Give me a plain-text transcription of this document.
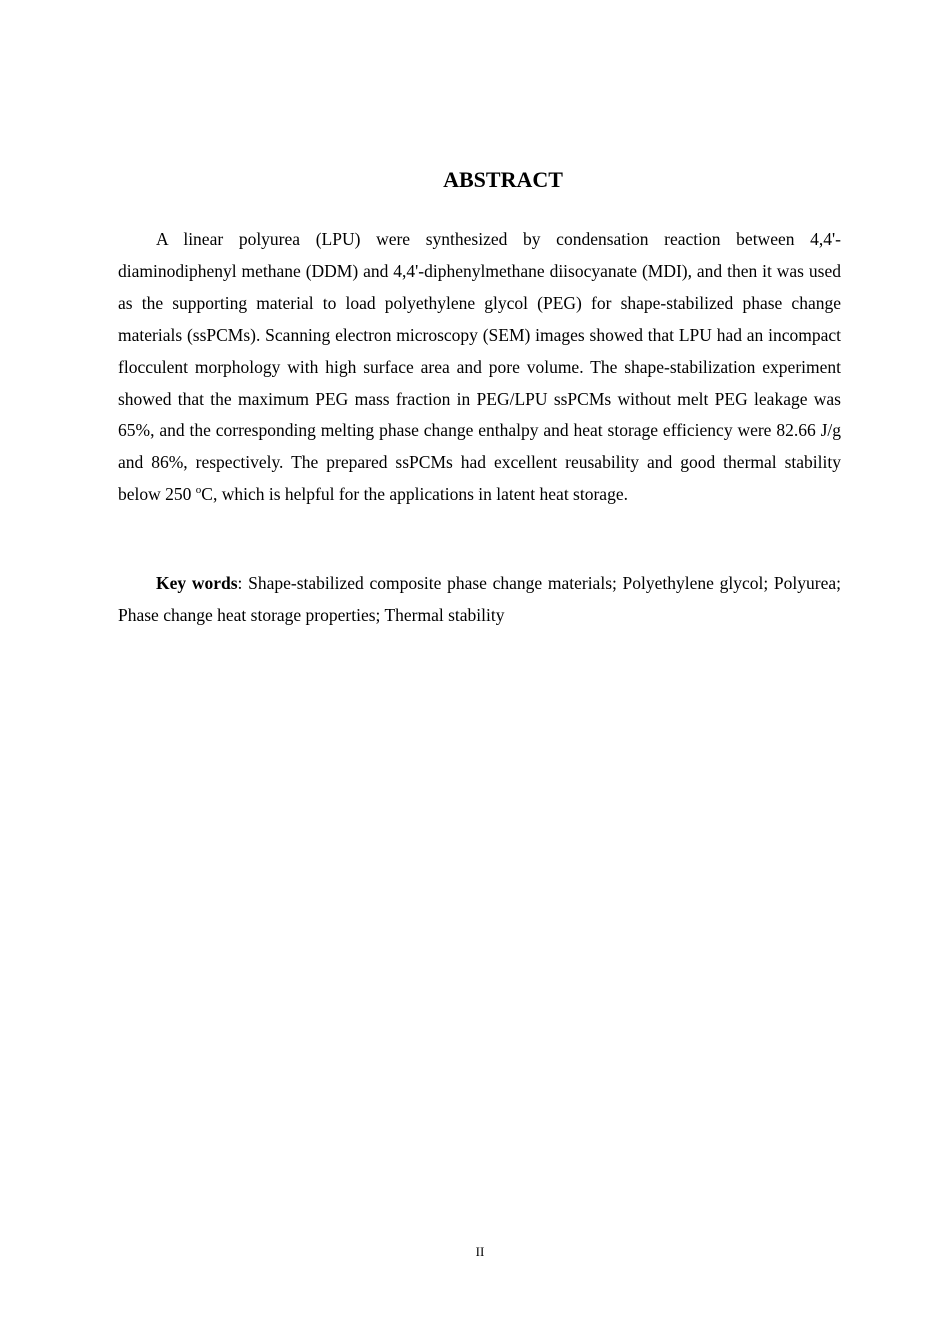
ABSTRACT

A linear polyurea (LPU) were synthesized by condensation reaction between 4,4'-diaminodiphenyl methane (DDM) and 4,4'-diphenylmethane diisocyanate (MDI), and then it was used as the supporting material to load polyethylene glycol (PEG) for shape-stabilized phase change materials (ssPCMs). Scanning electron microscopy (SEM) images showed that LPU had an incompact flocculent morphology with high surface area and pore volume. The shape-stabilization experiment showed that the maximum PEG mass fraction in PEG/LPU ssPCMs without melt PEG leakage was 65%, and the corresponding melting phase change enthalpy and heat storage efficiency were 82.66 J/g and 86%, respectively. The prepared ssPCMs had excellent reusability and good thermal stability below 250 $^o$C, which is helpful for the applications in latent heat storage.

Key words: Shape-stabilized composite phase change materials; Polyethylene glycol; Polyurea; Phase change heat storage properties; Thermal stability

II
